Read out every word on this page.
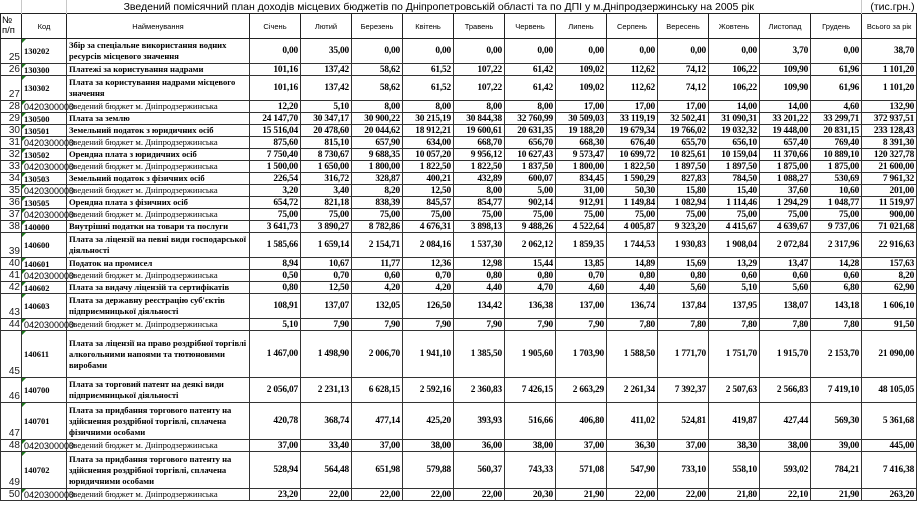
		Зведений помісячний план доходів місцевих бюджетів по Дніпропетровській області та по ДПІ у м.Дніпродзержинську на 2005 рік													(тис.грн.)
№ п/п	Код	Найменування	Січень	Лютий	Березень	Квітень	Травень	Червень	Липень	Серпень	Вересень	Жовтень	Листопад	Грудень	Всього за рік
25	130202	Збір за спеціальне використання водних ресурсів місцевого значення	0,00	35,00	0,00	0,00	0,00	0,00	0,00	0,00	0,00	0,00	3,70	0,00	38,70
26	130300	Платежі за користування надрами	101,16	137,42	58,62	61,52	107,22	61,42	109,02	112,62	74,12	106,22	109,90	61,96	1 101,20
27	130302	Плата за користування надрами місцевого значення	101,16	137,42	58,62	61,52	107,22	61,42	109,02	112,62	74,12	106,22	109,90	61,96	1 101,20
28	0420300000	Зведений бюджет м. Дніпродзержинська	12,20	5,10	8,00	8,00	8,00	8,00	17,00	17,00	17,00	14,00	14,00	4,60	132,90
29	130500	Плата за землю	24 147,70	30 347,17	30 900,22	30 215,19	30 844,38	32 760,99	30 509,03	33 119,19	32 502,41	31 090,31	33 201,22	33 299,71	372 937,51
30	130501	Земельний податок з юридичних осіб	15 516,04	20 478,60	20 044,62	18 912,21	19 600,61	20 631,35	19 188,20	19 679,34	19 766,02	19 032,32	19 448,00	20 831,15	233 128,43
31	0420300000	Зведений бюджет м. Дніпродзержинська	875,60	815,10	657,90	634,00	668,70	656,70	668,30	676,40	655,70	656,10	657,40	769,40	8 391,30
32	130502	Орендна плата з юридичних осіб	7 750,40	8 730,67	9 688,35	10 057,20	9 956,12	10 627,43	9 573,47	10 699,72	10 825,61	10 159,04	11 370,66	10 889,10	120 327,78
33	0420300000	Зведений бюджет м. Дніпродзержинська	1 500,00	1 650,00	1 800,00	1 822,50	1 822,50	1 837,50	1 800,00	1 822,50	1 897,50	1 897,50	1 875,00	1 875,00	21 600,00
34	130503	Земельний податок з фізичних осіб	226,54	316,72	328,87	400,21	432,89	600,07	834,45	1 590,29	827,83	784,50	1 088,27	530,69	7 961,32
35	0420300000	Зведений бюджет м. Дніпродзержинська	3,20	3,40	8,20	12,50	8,00	5,00	31,00	50,30	15,80	15,40	37,60	10,60	201,00
36	130505	Орендна плата з фізичних осіб	654,72	821,18	838,39	845,57	854,77	902,14	912,91	1 149,84	1 082,94	1 114,46	1 294,29	1 048,77	11 519,97
37	0420300000	Зведений бюджет м. Дніпродзержинська	75,00	75,00	75,00	75,00	75,00	75,00	75,00	75,00	75,00	75,00	75,00	75,00	900,00
38	140000	Внутрішні податки на товари та послуги	3 641,73	3 890,27	8 782,86	4 676,31	3 898,13	9 488,26	4 522,64	4 005,87	9 323,20	4 415,67	4 639,67	9 737,06	71 021,68
39	140600	Плата за ліцензії на певні види господарської діяльності	1 585,66	1 659,14	2 154,71	2 084,16	1 537,30	2 062,12	1 859,35	1 744,53	1 930,83	1 908,04	2 072,84	2 317,96	22 916,63
40	140601	Податок на промисел	8,94	10,67	11,77	12,36	12,98	15,44	13,85	14,89	15,69	13,29	13,47	14,28	157,63
41	0420300000	Зведений бюджет м. Дніпродзержинська	0,50	0,70	0,60	0,70	0,80	0,80	0,70	0,80	0,80	0,60	0,60	0,60	8,20
42	140602	Плата за видачу ліцензій та сертифікатів	0,80	12,50	4,20	4,20	4,40	4,70	4,60	4,40	5,60	5,10	5,60	6,80	62,90
43	140603	Плата за державну реєстрацію суб'єктів підприємницької діяльності	108,91	137,07	132,05	126,50	134,42	136,38	137,00	136,74	137,84	137,95	138,07	143,18	1 606,10
44	0420300000	Зведений бюджет м. Дніпродзержинська	5,10	7,90	7,90	7,90	7,90	7,90	7,90	7,80	7,80	7,80	7,80	7,80	91,50
45	140611	Плата за ліцензії на право роздрібної торгівлі алкогольними напоями та тютюновими виробами	1 467,00	1 498,90	2 006,70	1 941,10	1 385,50	1 905,60	1 703,90	1 588,50	1 771,70	1 751,70	1 915,70	2 153,70	21 090,00
46	140700	Плата за торговий патент на деякі види підприємницької діяльності	2 056,07	2 231,13	6 628,15	2 592,16	2 360,83	7 426,15	2 663,29	2 261,34	7 392,37	2 507,63	2 566,83	7 419,10	48 105,05
47	140701	Плата за придбання торгового патенту на здійснення роздрібної торгівлі, сплачена фізичними особами	420,78	368,74	477,14	425,20	393,93	516,66	406,80	411,02	524,81	419,87	427,44	569,30	5 361,68
48	0420300000	Зведений бюджет м. Дніпродзержинська	37,00	33,40	37,00	38,00	36,00	38,00	37,00	36,30	37,00	38,30	38,00	39,00	445,00
49	140702	Плата за придбання торгового патенту на здійснення роздрібної торгівлі, сплачена юридичними особами	528,94	564,48	651,98	579,88	560,37	743,33	571,08	547,90	733,10	558,10	593,02	784,21	7 416,38
50	0420300000	Зведений бюджет м. Дніпродзержинська	23,20	22,00	22,00	22,00	22,00	20,30	21,90	22,00	22,00	21,80	22,10	21,90	263,20
